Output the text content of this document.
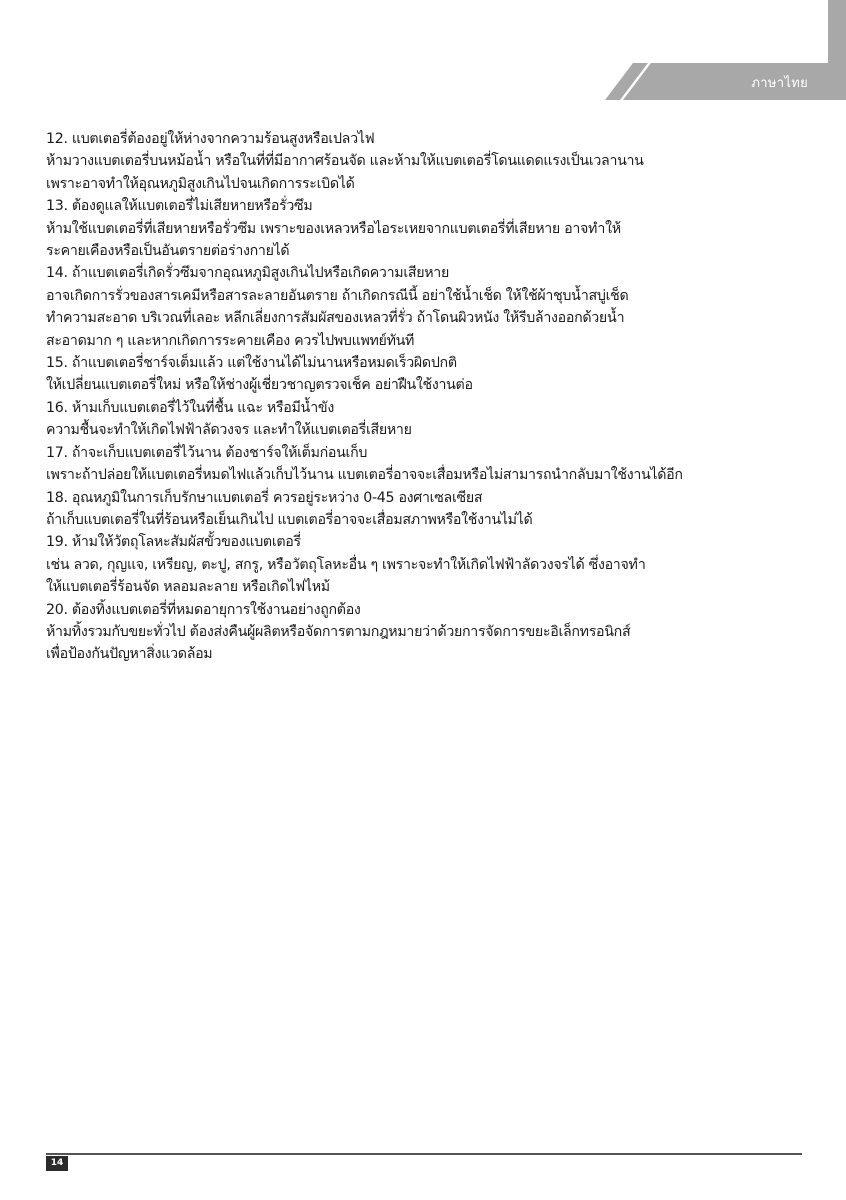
ภาษาไทย
12. แบตเตอรี่ต้องอยู่ให้ห่างจากความร้อนสูงหรือเปลวไฟ
ห้ามวางแบตเตอรี่บนหม้อน้ำ หรือในที่ที่มีอากาศร้อนจัด และห้ามให้แบตเตอรี่โดนแดดแรงเป็นเวลานาน
เพราะอาจทำให้อุณหภูมิสูงเกินไปจนเกิดการระเบิดได้
13. ต้องดูแลให้แบตเตอรี่ไม่เสียหายหรือรั่วซึม
ห้ามใช้แบตเตอรี่ที่เสียหายหรือรั่วซึม เพราะของเหลวหรือไอระเหยจากแบตเตอรี่ที่เสียหาย อาจทำให้
ระคายเคืองหรือเป็นอันตรายต่อร่างกายได้
14. ถ้าแบตเตอรี่เกิดรั่วซึมจากอุณหภูมิสูงเกินไปหรือเกิดความเสียหาย
อาจเกิดการรั่วของสารเคมีหรือสารละลายอันตราย ถ้าเกิดกรณีนี้ อย่าใช้น้ำเช็ด ให้ใช้ผ้าชุบน้ำสบู่เช็ด
ทำความสะอาด บริเวณที่เลอะ หลีกเลี่ยงการสัมผัสของเหลวที่รั่ว ถ้าโดนผิวหนัง ให้รีบล้างออกด้วยน้ำ
สะอาดมาก ๆ และหากเกิดการระคายเคือง ควรไปพบแพทย์ทันที
15. ถ้าแบตเตอรี่ชาร์จเต็มแล้ว แต่ใช้งานได้ไม่นานหรือหมดเร็วผิดปกติ
ให้เปลี่ยนแบตเตอรี่ใหม่ หรือให้ช่างผู้เชี่ยวชาญตรวจเช็ค อย่าฝืนใช้งานต่อ
16. ห้ามเก็บแบตเตอรี่ไว้ในที่ชื้น แฉะ หรือมีน้ำขัง
ความชื้นจะทำให้เกิดไฟฟ้าลัดวงจร และทำให้แบตเตอรี่เสียหาย
17. ถ้าจะเก็บแบตเตอรี่ไว้นาน ต้องชาร์จให้เต็มก่อนเก็บ
เพราะถ้าปล่อยให้แบตเตอรี่หมดไฟแล้วเก็บไว้นาน แบตเตอรี่อาจจะเสื่อมหรือไม่สามารถนำกลับมาใช้งานได้อีก
18. อุณหภูมิในการเก็บรักษาแบตเตอรี่ ควรอยู่ระหว่าง 0-45 องศาเซลเซียส
ถ้าเก็บแบตเตอรี่ในที่ร้อนหรือเย็นเกินไป แบตเตอรี่อาจจะเสื่อมสภาพหรือใช้งานไม่ได้
19. ห้ามให้วัตถุโลหะสัมผัสขั้วของแบตเตอรี่
เช่น ลวด, กุญแจ, เหรียญ, ตะปู, สกรู, หรือวัตถุโลหะอื่น ๆ เพราะจะทำให้เกิดไฟฟ้าลัดวงจรได้ ซึ่งอาจทำ
ให้แบตเตอรี่ร้อนจัด หลอมละลาย หรือเกิดไฟไหม้
20. ต้องทิ้งแบตเตอรี่ที่หมดอายุการใช้งานอย่างถูกต้อง
ห้ามทิ้งรวมกับขยะทั่วไป ต้องส่งคืนผู้ผลิตหรือจัดการตามกฎหมายว่าด้วยการจัดการขยะอิเล็กทรอนิกส์
เพื่อป้องกันปัญหาสิ่งแวดล้อม
14
